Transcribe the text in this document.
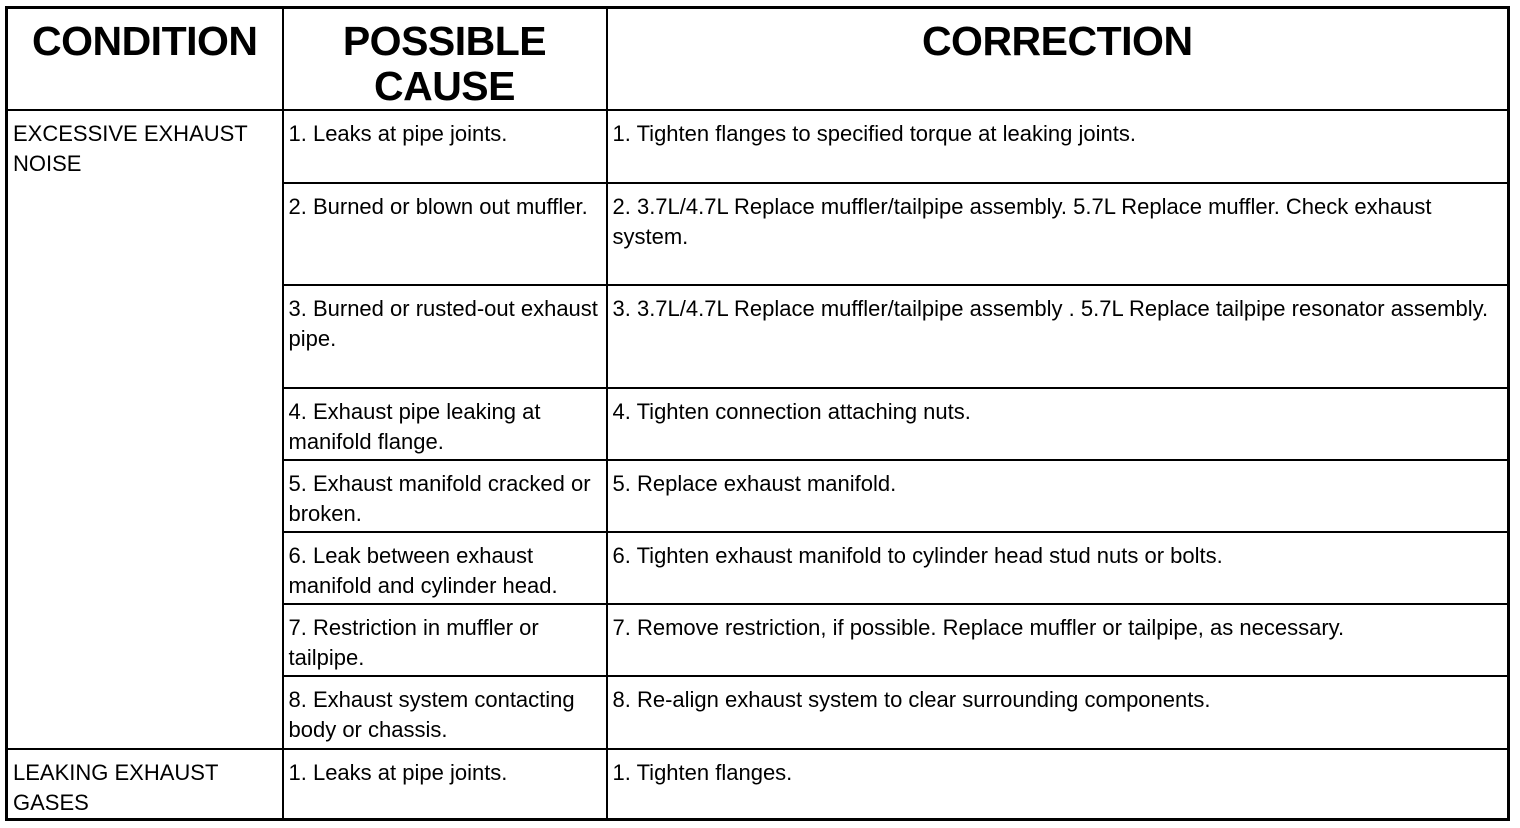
CONDITION	POSSIBLE CAUSE	CORRECTION
EXCESSIVE EXHAUST NOISE	1. Leaks at pipe joints.	1. Tighten flanges to specified torque at leaking joints.
	2. Burned or blown out muffler.	2. 3.7L/4.7L Replace muffler/tailpipe assembly. 5.7L Replace muffler. Check exhaust system.
	3. Burned or rusted-out exhaust pipe.	3. 3.7L/4.7L Replace muffler/tailpipe assembly . 5.7L Replace tailpipe resonator assembly.
	4. Exhaust pipe leaking at manifold flange.	4. Tighten connection attaching nuts.
	5. Exhaust manifold cracked or broken.	5. Replace exhaust manifold.
	6. Leak between exhaust manifold and cylinder head.	6. Tighten exhaust manifold to cylinder head stud nuts or bolts.
	7. Restriction in muffler or tailpipe.	7. Remove restriction, if possible. Replace muffler or tailpipe, as necessary.
	8. Exhaust system contacting body or chassis.	8. Re-align exhaust system to clear surrounding components.
LEAKING EXHAUST GASES	1. Leaks at pipe joints.	1. Tighten flanges.
